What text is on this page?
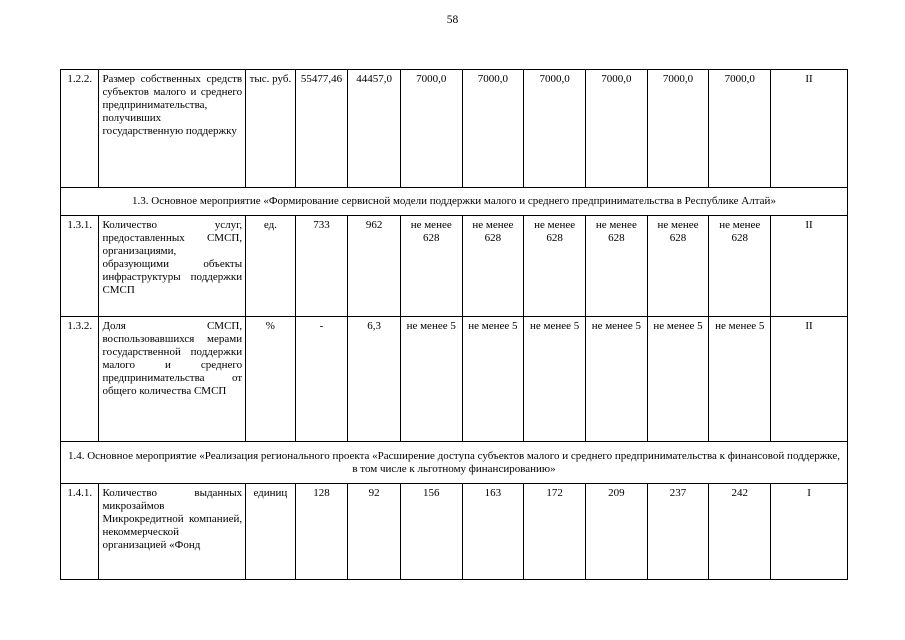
58
1.2.2.	Размер собственных средств субъектов малого и среднего предпринимательства, получивших государственную поддержку	тыс. руб.	55477,46	44457,0	7000,0	7000,0	7000,0	7000,0	7000,0	7000,0	II
1.3. Основное мероприятие «Формирование сервисной модели поддержки малого и среднего предпринимательства в Республике Алтай»											
1.3.1.	Количество услуг, предоставленных СМСП, организациями, образующими объекты инфраструктуры поддержки СМСП	ед.	733	962	не менее 628	не менее 628	не менее 628	не менее 628	не менее 628	не менее 628	II
1.3.2.	Доля СМСП, воспользовавшихся мерами государственной поддержки малого и среднего предпринимательства от общего количества СМСП	%	-	6,3	не менее 5	не менее 5	не менее 5	не менее 5	не менее 5	не менее 5	II
1.4. Основное мероприятие «Реализация регионального проекта «Расширение доступа субъектов малого и среднего предпринимательства к финансовой поддержке, в том числе к льготному финансированию»											
1.4.1.	Количество выданных микрозаймов Микрокредитной компанией, некоммерческой организацией «Фонд	единиц	128	92	156	163	172	209	237	242	I
